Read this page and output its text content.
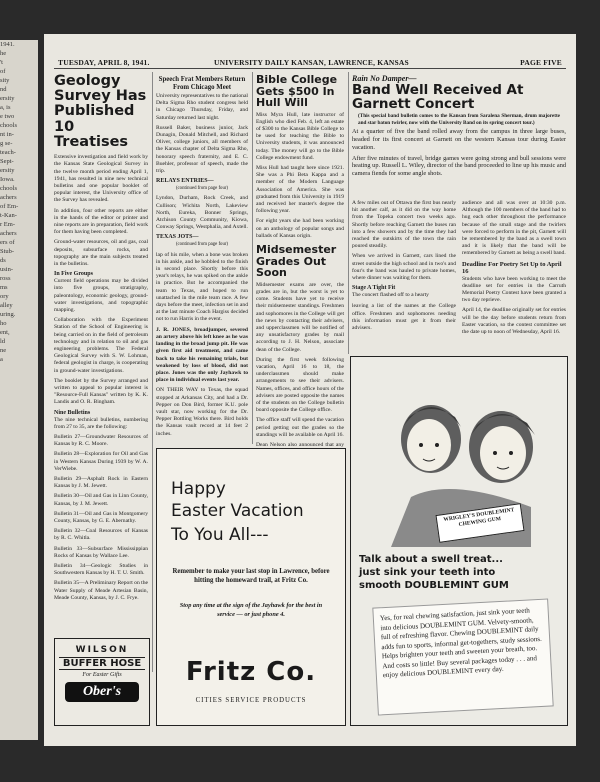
1941.
he
't
of
sity
nd
ersity
a, is
e two
chools
nt in-
g se-
teach-
Sept-
ersity
Iowa.
chools
achers
of Em-
t-Kan-
r Em-
achers
ers of
Stub-
ds
usin-
ross
ms
ory
alley
uring.
ho
ent,
ld
ne
a
TUESDAY, APRIL 8, 1941.	UNIVERSITY DAILY KANSAN, LAWRENCE, KANSAS	PAGE FIVE
Geology Survey Has Published 10 Treatises

Extensive investigation and field work by the Kansas State Geological Survey in the twelve month period ending April 1, 1941, has resulted in nine new technical bulletins and one popular booklet of popular interest, the University office of the Survey has revealed.

In addition, four other reports are either in the hands of the editor or printer and nine reports are in preparation, field work for them having been completed.

Ground-water resources, oil and gas, coal deposits, subsurface rocks, and topography are the main subjects treated in the bulletins.

In Five Groups

Current field operations may be divided into five groups, stratigraphy, paleontology, economic geology, ground-water investigations, and topographic mapping.

Collaboration with the Experiment Station of the School of Engineering is being carried on in the field of petroleum technology and in relation to oil and gas engineering problems. The Federal Geological Survey with S. W. Lohman, federal geologist in charge, is cooperating in ground-water investigations.

The booklet by the Survey arranged and written to appeal to popular interest is "Resource-Full Kansas" written by K. K. Landis and O. R. Bingham.

Nine Bulletins

The nine technical bulletins, numbering from 27 to 35, are the following:

Bulletin 27—Groundwater Resources of Kansas by R. C. Moore.

Bulletin 28—Exploration for Oil and Gas in Western Kansas During 1939 by W. A. VerWiebe.

Bulletin 29—Asphalt Rock in Eastern Kansas by J. M. Jewett.

Bulletin 30—Oil and Gas in Linn County, Kansas, by J. M. Jewett.

Bulletin 31—Oil and Gas in Montgomery County, Kansas, by G. E. Abernathy.

Bulletin 32—Coal Resources of Kansas by R. C. Whitla.

Bulletin 33—Subsurface Mississippian Rocks of Kansas by Wallace Lee.

Bulletin 34—Geologic Studies in Southwestern Kansas by H. T. U. Smith.

Bulletin 35—A Preliminary Report on the Water Supply of Meade Artesian Basin, Meade County, Kansas, by J. C. Frye.

WILSON
BUFFER HOSE
For Easter Gifts
Ober's
Speech Frat Members Return From Chicago Meet

University representatives to the national Delta Sigma Rho student congress held in Chicago Thursday, Friday, and Saturday returned last night.

Russell Baker, business junior, Jack Dunagin, Donald Mitchell, and Richard Oliver, college juniors, all members of the Kansas chapter of Delta Sigma Rho, honorary speech fraternity, and E. C. Buehler, professor of speech, made the trip.

RELAYS ENTRIES—
(continued from page four)

Lyndon, Durham, Rock Creek, and Cullison; Wichita North, Lakeview North, Eureka, Bonner Springs, Atchison County Community, Kiowa, Conway Springs, Westphalia, and Axtell.

TEXAS JOTS—
(continued from page four)

lap of his mile, when a bone was broken in his ankle, and he hobbled to the finish in second place. Shortly before this year's relays, he was spiked on the ankle in practice. But he accompanied the team to Texas, and hoped to run unattached in the mile team race. A few days before the meet, infection set in and at the last minute Coach Hargiss decided not to run Harris in the event.

J. R. JONES, broadjumper, severed an artery above his left knee as he was landing in the broad jump pit. He was given first aid treatment, and came back to take his remaining trials, but weakened by loss of blood, did not place. Jones was the only Jayhawk to place in individual events last year.

ON THEIR WAY to Texas, the squad stopped at Arkansas City, and had a Dr. Pepper on Don Bird, former K.U. pole vault star, now working for the Dr. Pepper Bottling Works there. Bird holds the Kansas vault record at 14 feet 2 inches.

Bible College Gets $500 In Hull Will

Miss Myra Hull, late instructor of English who died Feb. 4, left an estate of $300 to the Kansas Bible College to be used for teaching the Bible to University students, it was announced today. The money will go to the Bible College endowment fund.

Miss Hull had taught here since 1921. She was a Phi Beta Kappa and a member of the Modern Language Association of America. She was graduated from this University in 1919 and received her master's degree the following year.

For eight years she had been working on an anthology of popular songs and ballads of Kansas origin.

Midsemester Grades Out Soon

Midsemester exams are over, the grades are in, but the worst is yet to come. Students have yet to receive their midsemester standings. Freshmen and sophomores in the College will get the news by contacting their advisers, and upperclassmen will be notified of any unsatisfactory grades by mail according to J. H. Nelson, associate dean of the College.

During the first week following vacation, April 16 to 18, the underclassmen should make arrangements to see their advisers. Names, offices, and office hours of the advisers are posted opposite the names of the students on the College bulletin board opposite the College office.

The office staff will spend the vacation period getting out the grades so the standings will be available on April 16.

Dean Nelson also announced that any

Rain No Damper—
Band Well Received At Garnett Concert

(This special band bulletin comes to the Kansan from Saralena Sherman, drum majorette and star baton twirler, now with the University Band on its spring concert tour.)

At a quarter of five the band rolled away from the campus in three large buses, headed for its first concert at Garnett on the western Kansas tour during Easter vacation.

After five minutes of travel, bridge games were going strong and bull sessions were heating up. Russell L. Wiley, director of the band proceeded to line up his music and camera fiends for some angle shots.

A few miles out of Ottawa the first bus nearly hit another calf, as it did on the way home from the Topeka concert two weeks ago. Shortly before reaching Garnett the buses ran into a few showers and by the time they had reached the outskirts of the town the rain poured steadily.

When we arrived in Garnett, cars lined the street outside the high school and in two's and four's the band was hauled to private homes, where dinner was waiting for them.

Stage A Tight Fit

The concert flashed off to a hearty

leaving a list of the names at the College office. Freshmen and sophomores needing this information must get it from their advisers.

audience and all was over at 10:30 p.m. Although the 100 members of the band had to hug each other throughout the performance because of the small stage and the twirlers were forced to perform in the pit, Garnett will be remembered by the band as a swell town and it is likely that the band will be remembered by Garnett as being a swell band.

Deadline For Poetry Set Up to April 16

Students who have been working to meet the deadline set for entries in the Carruth Memorial Poetry Contest have been granted a two day reprieve.

April 14, the deadline originally set for entries will be the day before students return from Easter vacation, so the contest committee set the date up to noon of Wednesday, April 16.

Happy
Easter Vacation
To You All---
Remember to make your last stop in Lawrence, before hitting the homeward trail, at Fritz Co.
Stop any time at the sign of the Jayhawk for the best in service — or just phone 4.
Fritz Co.
CITIES SERVICE PRODUCTS
WRIGLEY'S DOUBLEMINT CHEWING GUM
Talk about a swell treat...
just sink your teeth into
smooth DOUBLEMINT GUM
Yes, for real chewing satisfaction, just sink your teeth into delicious DOUBLEMINT GUM. Velvety-smooth, full of refreshing flavor. Chewing DOUBLEMINT daily adds fun to sports, informal get-togethers, study sessions. Helps brighten your teeth and sweeten your breath, too. And costs so little! Buy several packages today . . . and enjoy delicious DOUBLEMINT every day.
